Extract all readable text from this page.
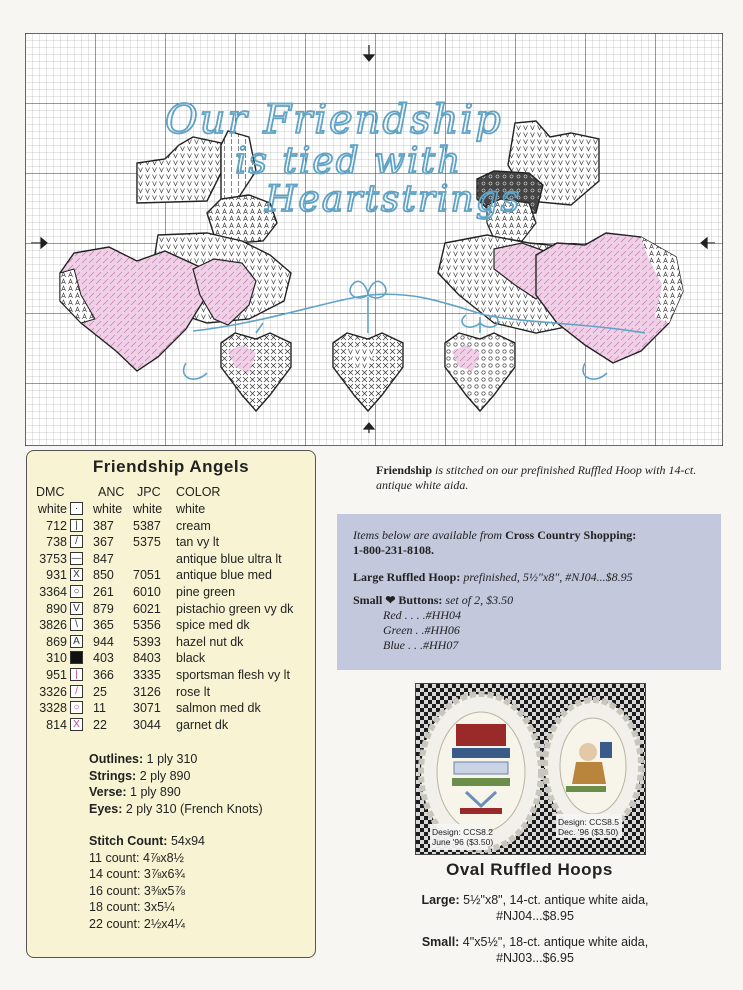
Our Friendship
is tied with
Heartstrings
Friendship Angels
DMC	ANC JPC COLOR
white ·	white white white
712 |	387 5387 cream
738 /	367 5375 tan vy lt
3753 — 847	antique blue ultra lt
931 X 850 7051 antique blue med
3364 ○ 261 6010 pine green
890 V 879 6021 pistachio green vy dk
3826 \	365 5356 spice med dk
869 A 944 5393 hazel nut dk
310 ■ 403 8403 black
951 |	366 3335 sportsman flesh vy lt
3326 /	25 3126 rose lt
3328 ○ 11 3071 salmon med dk
814 X 22 3044 garnet dk
Outlines: 1 ply 310
Strings: 2 ply 890
Verse: 1 ply 890
Eyes: 2 ply 310 (French Knots)
Stitch Count: 54x94
11 count: 4⅞x8½
14 count: 3⅞x6¾
16 count: 3⅜x5⅞
18 count: 3x5¼
22 count: 2½x4¼
Friendship is stitched on our prefinished Ruffled Hoop with 14-ct. antique white aida.
Items below are available from Cross Country Shopping:
1-800-231-8108.
Large Ruffled Hoop: prefinished, 5½"x8", #NJ04...$8.95
Small ❤ Buttons: set of 2, $3.50
Red . . . .#HH04
Green . .#HH06
Blue . . .#HH07
Design: CCS8.2
June '96 ($3.50)
Design: CCS8.5
Dec. '96 ($3.50)
Oval Ruffled Hoops
Large: 5½"x8", 14-ct. antique white aida,
#NJ04...$8.95
Small: 4"x5½", 18-ct. antique white aida,
#NJ03...$6.95
